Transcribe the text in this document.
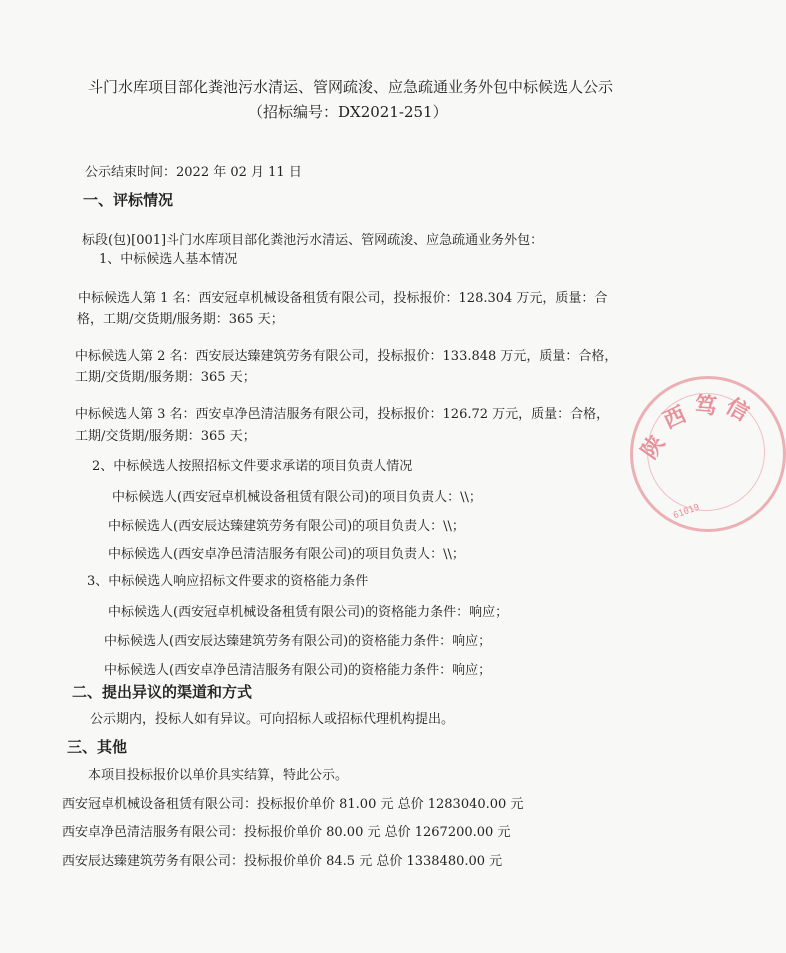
斗门水库项目部化粪池污水清运、管网疏浚、应急疏通业务外包中标候选人公示
（招标编号：DX2021-251）
公示结束时间：2022 年 02 月 11 日
一、评标情况
标段(包)[001]斗门水库项目部化粪池污水清运、管网疏浚、应急疏通业务外包：
1、中标候选人基本情况
中标候选人第 1 名：西安冠卓机械设备租赁有限公司，投标报价：128.304 万元，质量：合
格，工期/交货期/服务期：365 天；
中标候选人第 2 名：西安辰达臻建筑劳务有限公司，投标报价：133.848 万元，质量：合格，
工期/交货期/服务期：365 天；
中标候选人第 3 名：西安卓净邑清洁服务有限公司，投标报价：126.72 万元，质量：合格，
工期/交货期/服务期：365 天；
2、中标候选人按照招标文件要求承诺的项目负责人情况
中标候选人(西安冠卓机械设备租赁有限公司)的项目负责人：\\；
中标候选人(西安辰达臻建筑劳务有限公司)的项目负责人：\\；
中标候选人(西安卓净邑清洁服务有限公司)的项目负责人：\\；
3、中标候选人响应招标文件要求的资格能力条件
中标候选人(西安冠卓机械设备租赁有限公司)的资格能力条件：响应；
中标候选人(西安辰达臻建筑劳务有限公司)的资格能力条件：响应；
中标候选人(西安卓净邑清洁服务有限公司)的资格能力条件：响应；
二、提出异议的渠道和方式
公示期内，投标人如有异议。可向招标人或招标代理机构提出。
三、其他
本项目投标报价以单价具实结算，特此公示。
西安冠卓机械设备租赁有限公司：投标报价单价 81.00 元 总价 1283040.00 元
西安卓净邑清洁服务有限公司：投标报价单价 80.00 元 总价 1267200.00 元
西安辰达臻建筑劳务有限公司：投标报价单价 84.5 元 总价 1338480.00 元
陕
西 笃 信
61019
